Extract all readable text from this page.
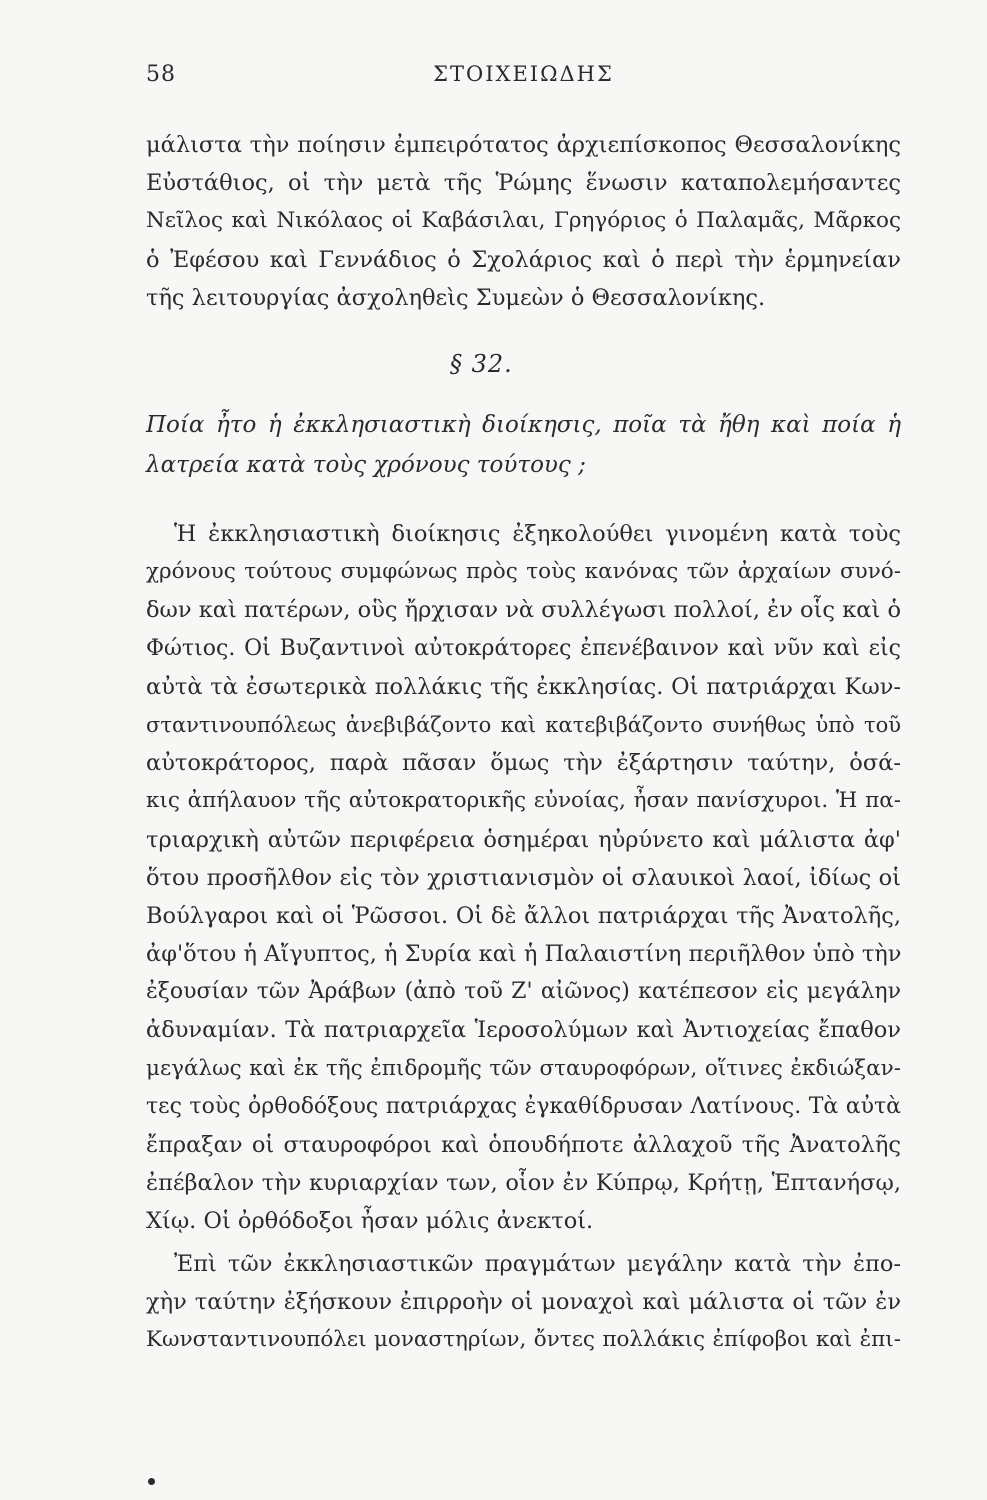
58	ΣΤΟΙΧΕΙΩΔΗΣ
μάλιστα τὴν ποίησιν ἐμπειρότατος ἀρχιεπίσκοπος Θεσσαλονίκης
Εὐστάθιος, οἱ τὴν μετὰ τῆς Ῥώμης ἕνωσιν καταπολεμήσαντες
Νεῖλος καὶ Νικόλαος οἱ Καβάσιλαι, Γρηγόριος ὁ Παλαμᾶς, Μᾶρκος
ὁ Ἐφέσου καὶ Γεννάδιος ὁ Σχολάριος καὶ ὁ περὶ τὴν ἑρμηνείαν
τῆς λειτουργίας ἀσχοληθεὶς Συμεὼν ὁ Θεσσαλονίκης.
§ 32.
Ποία ἦτο ἡ ἐκκλησιαστικὴ διοίκησις, ποῖα τὰ ἤθη καὶ ποία ἡ
λατρεία κατὰ τοὺς χρόνους τούτους ;
Ἡ ἐκκλησιαστικὴ διοίκησις ἐξηκολούθει γινομένη κατὰ τοὺς
χρόνους τούτους συμφώνως πρὸς τοὺς κανόνας τῶν ἀρχαίων συνό-
δων καὶ πατέρων, οὓς ἤρχισαν νὰ συλλέγωσι πολλοί, ἐν οἷς καὶ ὁ
Φώτιος. Οἱ Βυζαντινοὶ αὐτοκράτορες ἐπενέβαινον καὶ νῦν καὶ εἰς
αὐτὰ τὰ ἐσωτερικὰ πολλάκις τῆς ἐκκλησίας. Οἱ πατριάρχαι Κων-
σταντινουπόλεως ἀνεβιβάζοντο καὶ κατεβιβάζοντο συνήθως ὑπὸ τοῦ
αὐτοκράτορος, παρὰ πᾶσαν ὅμως τὴν ἐξάρτησιν ταύτην, ὁσά-
κις ἀπήλαυον τῆς αὐτοκρατορικῆς εὐνοίας, ἦσαν πανίσχυροι. Ἡ πα-
τριαρχικὴ αὐτῶν περιφέρεια ὁσημέραι ηὐρύνετο καὶ μάλιστα ἀφ'
ὅτου προσῆλθον εἰς τὸν χριστιανισμὸν οἱ σλαυικοὶ λαοί, ἰδίως οἱ
Βούλγαροι καὶ οἱ Ῥῶσσοι. Οἱ δὲ ἄλλοι πατριάρχαι τῆς Ἀνατολῆς,
ἀφ'ὅτου ἡ Αἴγυπτος, ἡ Συρία καὶ ἡ Παλαιστίνη περιῆλθον ὑπὸ τὴν
ἐξουσίαν τῶν Ἀράβων (ἀπὸ τοῦ Ζ' αἰῶνος) κατέπεσον εἰς μεγάλην
ἀδυναμίαν. Τὰ πατριαρχεῖα Ἱεροσολύμων καὶ Ἀντιοχείας ἔπαθον
μεγάλως καὶ ἐκ τῆς ἐπιδρομῆς τῶν σταυροφόρων, οἵτινες ἐκδιώξαν-
τες τοὺς ὀρθοδόξους πατριάρχας ἐγκαθίδρυσαν Λατίνους. Τὰ αὐτὰ
ἔπραξαν οἱ σταυροφόροι καὶ ὁπουδήποτε ἀλλαχοῦ τῆς Ἀνατολῆς
ἐπέβαλον τὴν κυριαρχίαν των, οἷον ἐν Κύπρῳ, Κρήτῃ, Ἑπτανήσῳ,
Χίῳ. Οἱ ὀρθόδοξοι ἦσαν μόλις ἀνεκτοί.
Ἐπὶ τῶν ἐκκλησιαστικῶν πραγμάτων μεγάλην κατὰ τὴν ἐπο-
χὴν ταύτην ἐξήσκουν ἐπιρροὴν οἱ μοναχοὶ καὶ μάλιστα οἱ τῶν ἐν
Κωνσταντινουπόλει μοναστηρίων, ὄντες πολλάκις ἐπίφοβοι καὶ ἐπι-
